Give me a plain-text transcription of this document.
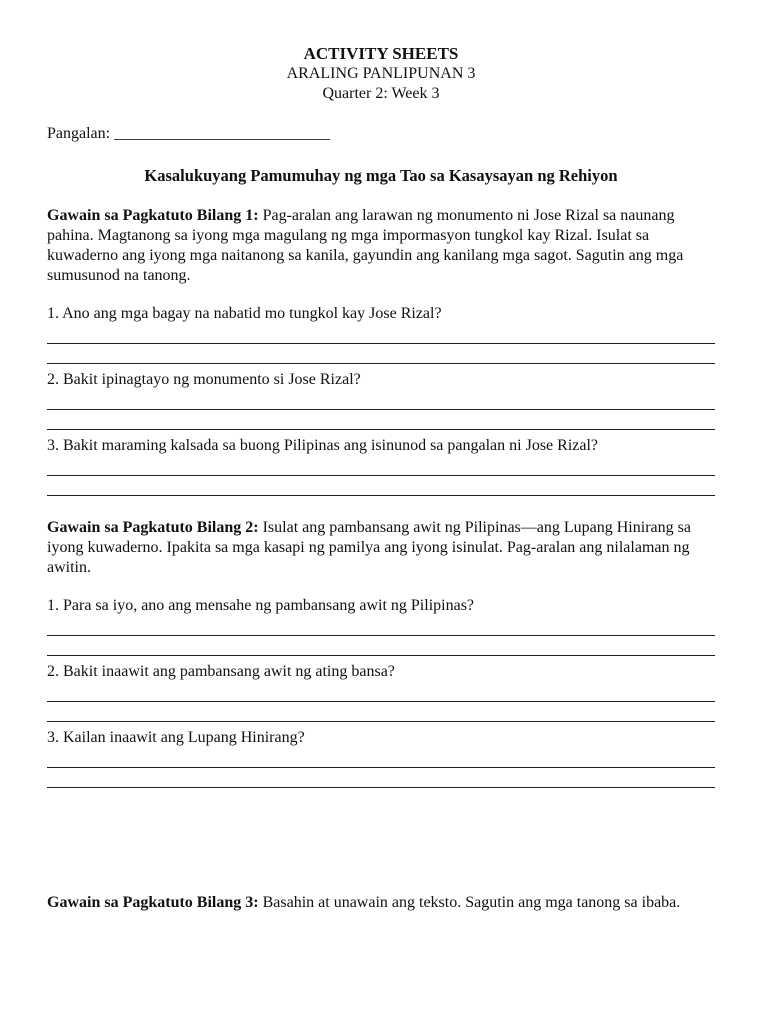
ACTIVITY SHEETS
ARALING PANLIPUNAN 3
Quarter 2: Week 3
Pangalan: ___________________________
Kasalukuyang Pamumuhay ng mga Tao sa Kasaysayan ng Rehiyon
Gawain sa Pagkatuto Bilang 1: Pag-aralan ang larawan ng monumento ni Jose Rizal sa naunang pahina. Magtanong sa iyong mga magulang ng mga impormasyon tungkol kay Rizal. Isulat sa kuwaderno ang iyong mga naitanong sa kanila, gayundin ang kanilang mga sagot. Sagutin ang mga sumusunod na tanong.
1. Ano ang mga bagay na nabatid mo tungkol kay Jose Rizal?
2. Bakit ipinagtayo ng monumento si Jose Rizal?
3. Bakit maraming kalsada sa buong Pilipinas ang isinunod sa pangalan ni Jose Rizal?
Gawain sa Pagkatuto Bilang 2: Isulat ang pambansang awit ng Pilipinas—ang Lupang Hinirang sa iyong kuwaderno. Ipakita sa mga kasapi ng pamilya ang iyong isinulat. Pag-aralan ang nilalaman ng awitin.
1. Para sa iyo, ano ang mensahe ng pambansang awit ng Pilipinas?
2. Bakit inaawit ang pambansang awit ng ating bansa?
3. Kailan inaawit ang Lupang Hinirang?
Gawain sa Pagkatuto Bilang 3: Basahin at unawain ang teksto. Sagutin ang mga tanong sa ibaba.
